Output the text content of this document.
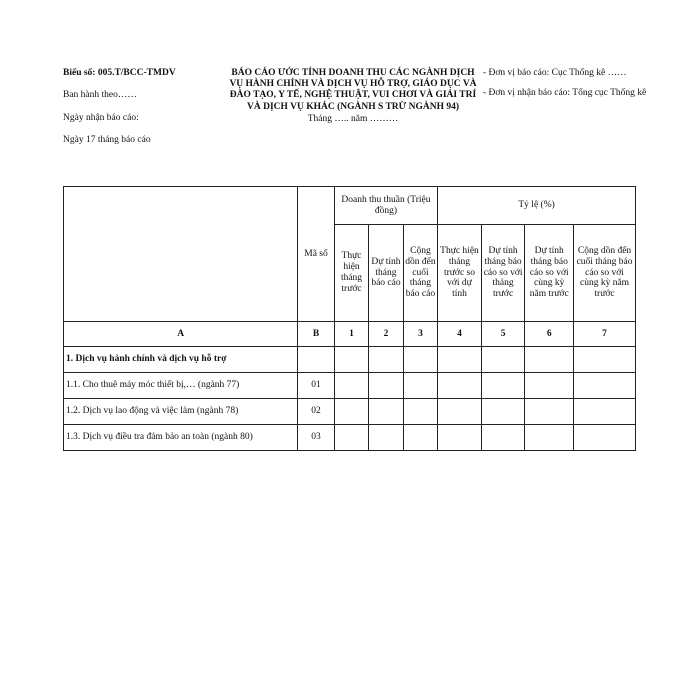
Biểu số: 005.T/BCC-TMDV
Ban hành theo……
Ngày nhận báo cáo:
Ngày 17 tháng báo cáo
BÁO CÁO ƯỚC TÍNH DOANH THU CÁC NGÀNH DỊCH VỤ HÀNH CHÍNH VÀ DỊCH VỤ HỖ TRỢ, GIÁO DỤC VÀ ĐÀO TẠO, Y TẾ, NGHỆ THUẬT, VUI CHƠI VÀ GIẢI TRÍ VÀ DỊCH VỤ KHÁC (NGÀNH S TRỪ NGÀNH 94)
Tháng ….. năm ………
- Đơn vị báo cáo: Cục Thống kê ……
- Đơn vị nhận báo cáo: Tổng cục Thống kê
	Mã số	Doanh thu thuần (Triệu đồng)			Tỷ lệ (%)			
		Thực hiện tháng trước	Dự tính tháng báo cáo	Cộng dồn đến cuối tháng báo cáo	Thực hiện tháng trước so với dự tính	Dự tính tháng báo cáo so với tháng trước	Dự tính tháng báo cáo so với cùng kỳ năm trước	Cộng dồn đến cuối tháng báo cáo so với cùng kỳ năm trước
A	B	1	2	3	4	5	6	7
1. Dịch vụ hành chính và dịch vụ hỗ trợ								
1.1. Cho thuê máy móc thiết bị,… (ngành 77)	01							
1.2. Dịch vụ lao động và việc làm (ngành 78)	02							
1.3. Dịch vụ điều tra đảm bảo an toàn (ngành 80)	03							
